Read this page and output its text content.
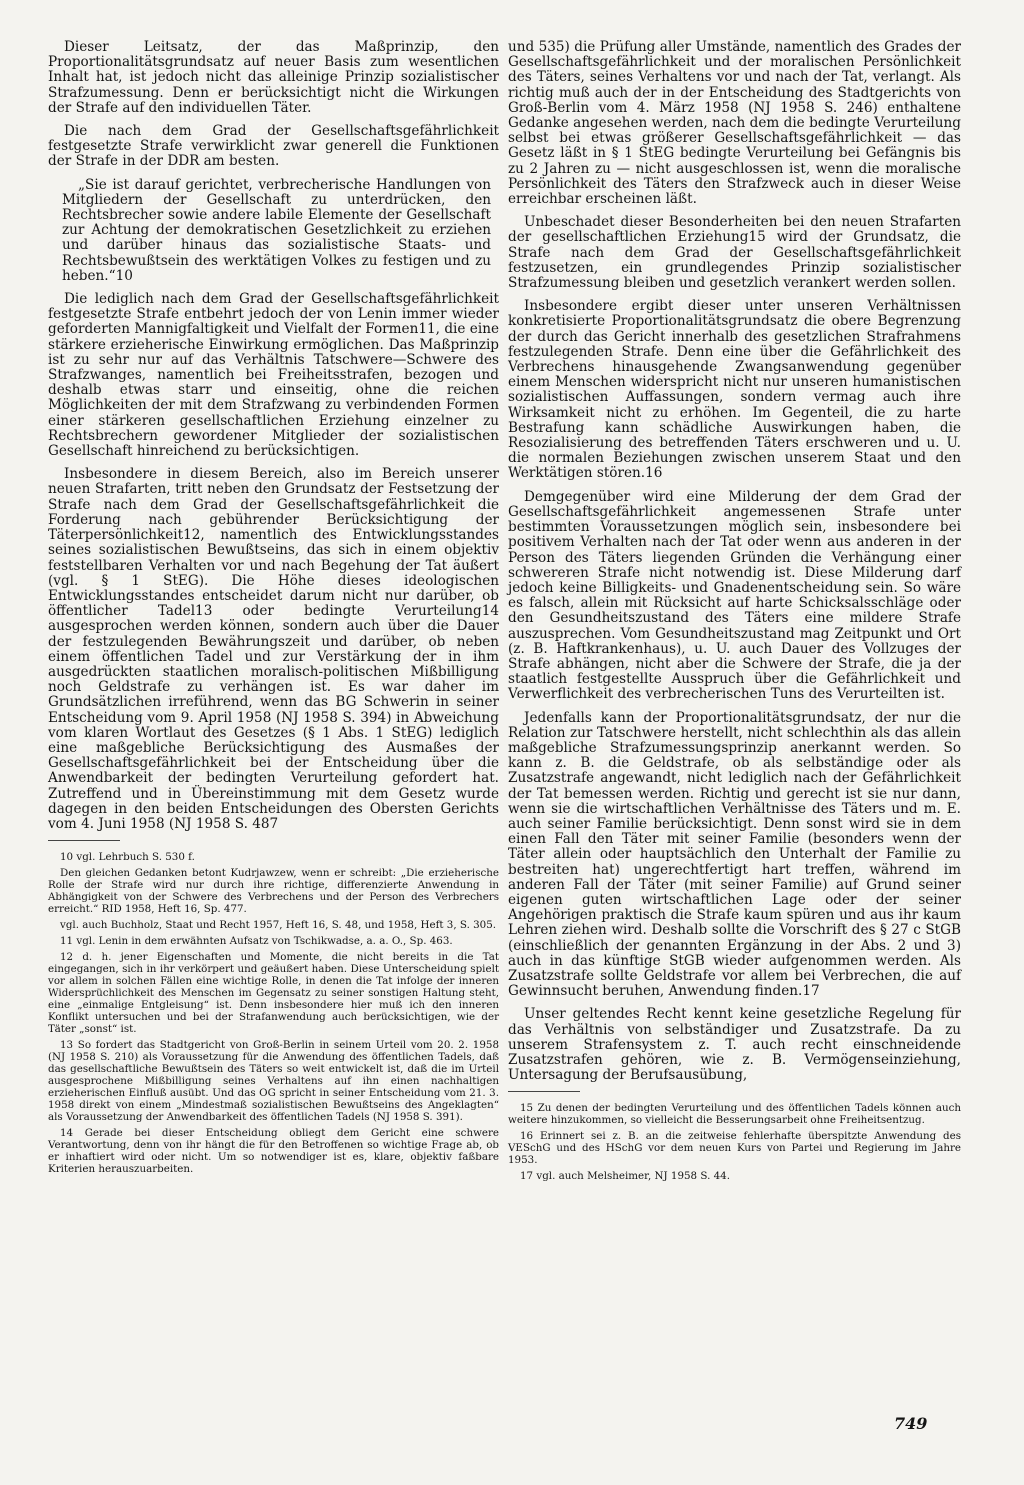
Dieser Leitsatz, der das Maßprinzip, den Proportionalitätsgrundsatz auf neuer Basis zum wesentlichen Inhalt hat, ist jedoch nicht das alleinige Prinzip sozialistischer Strafzumessung. Denn er berücksichtigt nicht die Wirkungen der Strafe auf den individuellen Täter.

Die nach dem Grad der Gesellschaftsgefährlichkeit festgesetzte Strafe verwirklicht zwar generell die Funktionen der Strafe in der DDR am besten.

„Sie ist darauf gerichtet, verbrecherische Handlungen von Mitgliedern der Gesellschaft zu unterdrücken, den Rechtsbrecher sowie andere labile Elemente der Gesellschaft zur Achtung der demokratischen Gesetzlichkeit zu erziehen und darüber hinaus das sozialistische Staats- und Rechtsbewußtsein des werktätigen Volkes zu festigen und zu heben.“10

Die lediglich nach dem Grad der Gesellschaftsgefährlichkeit festgesetzte Strafe entbehrt jedoch der von Lenin immer wieder geforderten Mannigfaltigkeit und Vielfalt der Formen11, die eine stärkere erzieherische Einwirkung ermöglichen. Das Maßprinzip ist zu sehr nur auf das Verhältnis Tatschwere—Schwere des Strafzwanges, namentlich bei Freiheitsstrafen, bezogen und deshalb etwas starr und einseitig, ohne die reichen Möglichkeiten der mit dem Strafzwang zu verbindenden Formen einer stärkeren gesellschaftlichen Erziehung einzelner zu Rechtsbrechern gewordener Mitglieder der sozialistischen Gesellschaft hinreichend zu berücksichtigen.

Insbesondere in diesem Bereich, also im Bereich unserer neuen Strafarten, tritt neben den Grundsatz der Festsetzung der Strafe nach dem Grad der Gesellschaftsgefährlichkeit die Forderung nach gebührender Berücksichtigung der Täterpersönlichkeit12, namentlich des Entwicklungsstandes seines sozialistischen Bewußtseins, das sich in einem objektiv feststellbaren Verhalten vor und nach Begehung der Tat äußert (vgl. § 1 StEG). Die Höhe dieses ideologischen Entwicklungsstandes entscheidet darum nicht nur darüber, ob öffentlicher Tadel13 oder bedingte Verurteilung14 ausgesprochen werden können, sondern auch über die Dauer der festzulegenden Bewährungszeit und darüber, ob neben einem öffentlichen Tadel und zur Verstärkung der in ihm ausgedrückten staatlichen moralisch-politischen Mißbilligung noch Geldstrafe zu verhängen ist. Es war daher im Grundsätzlichen irreführend, wenn das BG Schwerin in seiner Entscheidung vom 9. April 1958 (NJ 1958 S. 394) in Abweichung vom klaren Wortlaut des Gesetzes (§ 1 Abs. 1 StEG) lediglich eine maßgebliche Berücksichtigung des Ausmaßes der Gesellschaftsgefährlichkeit bei der Entscheidung über die Anwendbarkeit der bedingten Verurteilung gefordert hat. Zutreffend und in Übereinstimmung mit dem Gesetz wurde dagegen in den beiden Entscheidungen des Obersten Gerichts vom 4. Juni 1958 (NJ 1958 S. 487

10 vgl. Lehrbuch S. 530 f.

Den gleichen Gedanken betont Kudrjawzew, wenn er schreibt: „Die erzieherische Rolle der Strafe wird nur durch ihre richtige, differenzierte Anwendung in Abhängigkeit von der Schwere des Verbrechens und der Person des Verbrechers erreicht.“ RID 1958, Heft 16, Sp. 477.

vgl. auch Buchholz, Staat und Recht 1957, Heft 16, S. 48, und 1958, Heft 3, S. 305.

11 vgl. Lenin in dem erwähnten Aufsatz von Tschikwadse, a. a. O., Sp. 463.

12 d. h. jener Eigenschaften und Momente, die nicht bereits in die Tat eingegangen, sich in ihr verkörpert und geäußert haben. Diese Unterscheidung spielt vor allem in solchen Fällen eine wichtige Rolle, in denen die Tat infolge der inneren Widersprüchlichkeit des Menschen im Gegensatz zu seiner sonstigen Haltung steht, eine „einmalige Entgleisung“ ist. Denn insbesondere hier muß ich den inneren Konflikt untersuchen und bei der Strafanwendung auch berücksichtigen, wie der Täter „sonst“ ist.

13 So fordert das Stadtgericht von Groß-Berlin in seinem Urteil vom 20. 2. 1958 (NJ 1958 S. 210) als Voraussetzung für die Anwendung des öffentlichen Tadels, daß das gesellschaftliche Bewußtsein des Täters so weit entwickelt ist, daß die im Urteil ausgesprochene Mißbilligung seines Verhaltens auf ihn einen nachhaltigen erzieherischen Einfluß ausübt. Und das OG spricht in seiner Entscheidung vom 21. 3. 1958 direkt von einem „Mindestmaß sozialistischen Bewußtseins des Angeklagten“ als Voraussetzung der Anwendbarkeit des öffentlichen Tadels (NJ 1958 S. 391).

14 Gerade bei dieser Entscheidung obliegt dem Gericht eine schwere Verantwortung, denn von ihr hängt die für den Betroffenen so wichtige Frage ab, ob er inhaftiert wird oder nicht. Um so notwendiger ist es, klare, objektiv faßbare Kriterien herauszuarbeiten.

und 535) die Prüfung aller Umstände, namentlich des Grades der Gesellschaftsgefährlichkeit und der moralischen Persönlichkeit des Täters, seines Verhaltens vor und nach der Tat, verlangt. Als richtig muß auch der in der Entscheidung des Stadtgerichts von Groß-Berlin vom 4. März 1958 (NJ 1958 S. 246) enthaltene Gedanke angesehen werden, nach dem die bedingte Verurteilung selbst bei etwas größerer Gesellschaftsgefährlichkeit — das Gesetz läßt in § 1 StEG bedingte Verurteilung bei Gefängnis bis zu 2 Jahren zu — nicht ausgeschlossen ist, wenn die moralische Persönlichkeit des Täters den Strafzweck auch in dieser Weise erreichbar erscheinen läßt.

Unbeschadet dieser Besonderheiten bei den neuen Strafarten der gesellschaftlichen Erziehung15 wird der Grundsatz, die Strafe nach dem Grad der Gesellschaftsgefährlichkeit festzusetzen, ein grundlegendes Prinzip sozialistischer Strafzumessung bleiben und gesetzlich verankert werden sollen.

Insbesondere ergibt dieser unter unseren Verhältnissen konkretisierte Proportionalitätsgrundsatz die obere Begrenzung der durch das Gericht innerhalb des gesetzlichen Strafrahmens festzulegenden Strafe. Denn eine über die Gefährlichkeit des Verbrechens hinausgehende Zwangsanwendung gegenüber einem Menschen widerspricht nicht nur unseren humanistischen sozialistischen Auffassungen, sondern vermag auch ihre Wirksamkeit nicht zu erhöhen. Im Gegenteil, die zu harte Bestrafung kann schädliche Auswirkungen haben, die Resozialisierung des betreffenden Täters erschweren und u. U. die normalen Beziehungen zwischen unserem Staat und den Werktätigen stören.16

Demgegenüber wird eine Milderung der dem Grad der Gesellschaftsgefährlichkeit angemessenen Strafe unter bestimmten Voraussetzungen möglich sein, insbesondere bei positivem Verhalten nach der Tat oder wenn aus anderen in der Person des Täters liegenden Gründen die Verhängung einer schwereren Strafe nicht notwendig ist. Diese Milderung darf jedoch keine Billigkeits- und Gnadenentscheidung sein. So wäre es falsch, allein mit Rücksicht auf harte Schicksalsschläge oder den Gesundheitszustand des Täters eine mildere Strafe auszusprechen. Vom Gesundheitszustand mag Zeitpunkt und Ort (z. B. Haftkrankenhaus), u. U. auch Dauer des Vollzuges der Strafe abhängen, nicht aber die Schwere der Strafe, die ja der staatlich festgestellte Ausspruch über die Gefährlichkeit und Verwerflichkeit des verbrecherischen Tuns des Verurteilten ist.

Jedenfalls kann der Proportionalitätsgrundsatz, der nur die Relation zur Tatschwere herstellt, nicht schlechthin als das allein maßgebliche Strafzumessungsprinzip anerkannt werden. So kann z. B. die Geldstrafe, ob als selbständige oder als Zusatzstrafe angewandt, nicht lediglich nach der Gefährlichkeit der Tat bemessen werden. Richtig und gerecht ist sie nur dann, wenn sie die wirtschaftlichen Verhältnisse des Täters und m. E. auch seiner Familie berücksichtigt. Denn sonst wird sie in dem einen Fall den Täter mit seiner Familie (besonders wenn der Täter allein oder hauptsächlich den Unterhalt der Familie zu bestreiten hat) ungerechtfertigt hart treffen, während im anderen Fall der Täter (mit seiner Familie) auf Grund seiner eigenen guten wirtschaftlichen Lage oder der seiner Angehörigen praktisch die Strafe kaum spüren und aus ihr kaum Lehren ziehen wird. Deshalb sollte die Vorschrift des § 27 c StGB (einschließlich der genannten Ergänzung in der Abs. 2 und 3) auch in das künftige StGB wieder aufgenommen werden. Als Zusatzstrafe sollte Geldstrafe vor allem bei Verbrechen, die auf Gewinnsucht beruhen, Anwendung finden.17

Unser geltendes Recht kennt keine gesetzliche Regelung für das Verhältnis von selbständiger und Zusatzstrafe. Da zu unserem Strafensystem z. T. auch recht einschneidende Zusatzstrafen gehören, wie z. B. Vermögenseinziehung, Untersagung der Berufsausübung,

15 Zu denen der bedingten Verurteilung und des öffentlichen Tadels können auch weitere hinzukommen, so vielleicht die Besserungsarbeit ohne Freiheitsentzug.

16 Erinnert sei z. B. an die zeitweise fehlerhafte überspitzte Anwendung des VESchG und des HSchG vor dem neuen Kurs von Partei und Regierung im Jahre 1953.

17 vgl. auch Melsheimer, NJ 1958 S. 44.

749
